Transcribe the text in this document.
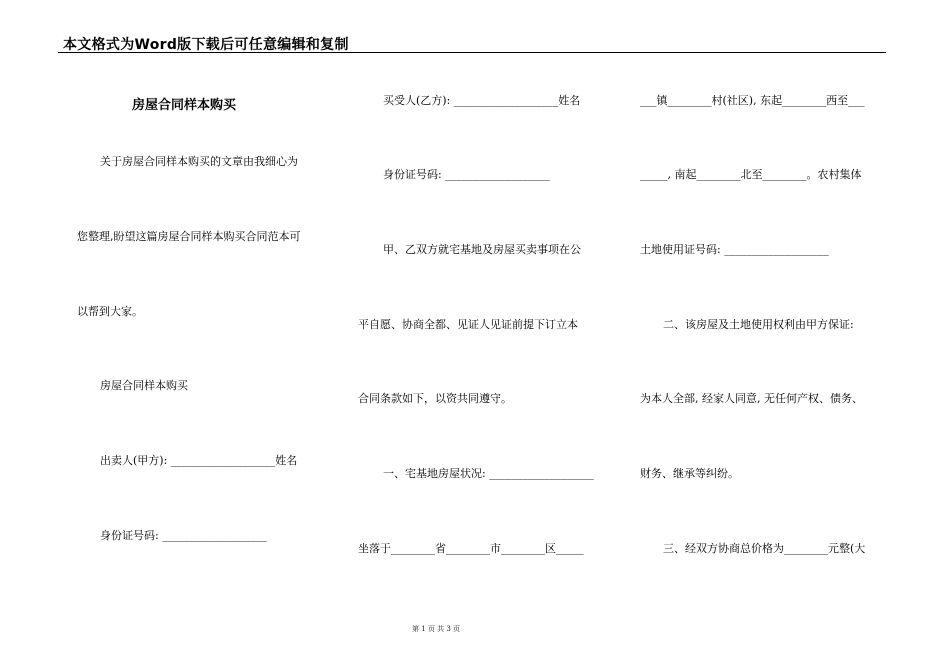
本文格式为Word版下载后可任意编辑和复制
房屋合同样本购买
关于房屋合同样本购买的文章由我细心为
您整理,盼望这篇房屋合同样本购买合同范本可
以帮到大家。
房屋合同样本购买
出卖人(甲方): ___________________姓名
身份证号码: ___________________
买受人(乙方): ___________________姓名
身份证号码: ___________________
甲、乙双方就宅基地及房屋买卖事项在公
平自愿、协商全都、见证人见证前提下订立本
合同条款如下，以资共同遵守。
一、宅基地房屋状况: ___________________
坐落于________省________市________区_____
___镇________村(社区), 东起________西至___
_____, 南起________北至________。农村集体
土地使用证号码: ___________________
二、该房屋及土地使用权利由甲方保证:
为本人全部, 经家人同意, 无任何产权、债务、
财务、继承等纠纷。
三、经双方协商总价格为________元整(大
第 1 页 共 3 页
